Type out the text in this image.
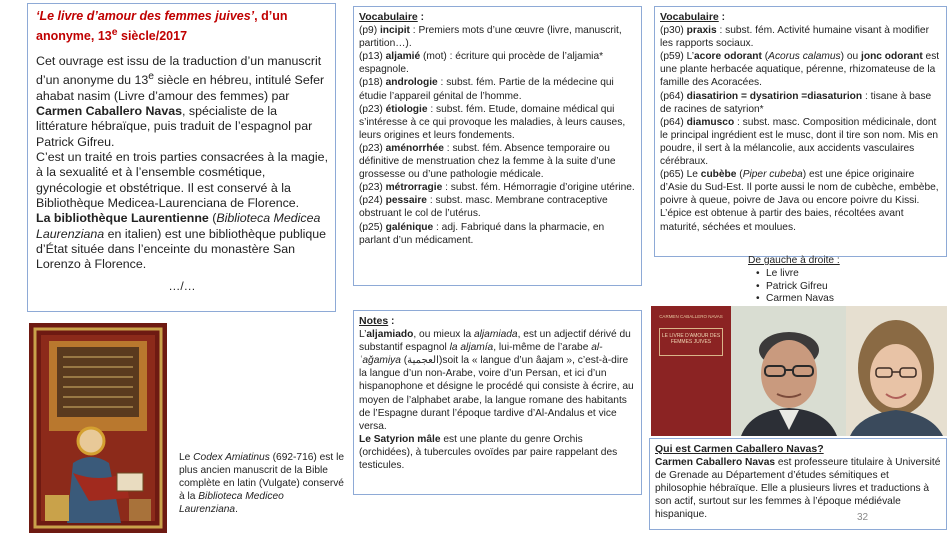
‘Le livre d’amour des femmes juives’, d’un anonyme, 13e siècle/2017

Cet ouvrage est issu de la traduction d’un manuscrit d’un anonyme du 13e siècle en hébreu, intitulé Sefer ahabat nasim (Livre d’amour des femmes) par Carmen Caballero Navas, spécialiste de la littérature hébraïque, puis traduit de l’espagnol par Patrick Gifreu.

C’est un traité en trois parties consacrées à la magie, à la sexualité et à l’ensemble cosmétique, gynécologie et obstétrique. Il est conservé à la Bibliothèque Medicea-Laurenciana de Florence.

La bibliothèque Laurentienne (Biblioteca Medicea Laurenziana en italien) est une bibliothèque publique d’État située dans l’enceinte du monastère San Lorenzo à Florence.

…/…
Vocabulaire :

(p9) incipit : Premiers mots d’une œuvre (livre, manuscrit, partition…).

(p13) aljamié (mot) : écriture qui procède de l’aljamia* espagnole.

(p18) andrologie : subst. fém. Partie de la médecine qui étudie l’appareil génital de l’homme.

(p23) étiologie : subst. fém. Etude, domaine médical qui s’intéresse à ce qui provoque les maladies, à leurs causes, leurs origines et leurs fondements.

(p23) aménorrhée : subst. fém. Absence temporaire ou définitive de menstruation chez la femme à la suite d’une grossesse ou d’une pathologie médicale.

(p23) métrorragie : subst. fém. Hémorragie d’origine utérine.

(p24) pessaire : subst. masc. Membrane contraceptive obstruant le col de l’utérus.

(p25) galénique : adj. Fabriqué dans la pharmacie, en parlant d’un médicament.

Vocabulaire :

(p30) praxis : subst. fém. Activité humaine visant à modifier les rapports sociaux.

(p59) L’acore odorant (Acorus calamus) ou jonc odorant est une plante herbacée aquatique, pérenne, rhizomateuse de la famille des Acoracées.

(p64) diasatirion = dysatirion =diasaturion : tisane à base de racines de satyrion*

(p64) diamusco : subst. masc. Composition médicinale, dont le principal ingrédient est le musc, dont il tire son nom. Mis en poudre, il sert à la mélancolie, aux accidents vasculaires cérébraux.

(p65) Le cubèbe (Piper cubeba) est une épice originaire d’Asie du Sud-Est. Il porte aussi le nom de cubèche, embèbe, poivre à queue, poivre de Java ou encore poivre du Kissi. L’épice est obtenue à partir des baies, récoltées avant maturité, séchées et moulues.

De gauche à droite :
• Le livre
• Patrick Gifreu
• Carmen Navas
Notes :

L’aljamiado, ou mieux la aljamiada, est un adjectif dérivé du substantif espagnol la aljamía, lui-même de l’arabe al-ʿaǧamiya (العجمية)soit la « langue d’un âajam », c’est-à-dire la langue d’un non-Arabe, voire d’un Persan, et ici d’un hispanophone et désigne le procédé qui consiste à écrire, au moyen de l’alphabet arabe, la langue romane des habitants de l’Espagne durant l’époque tardive d’Al-Andalus et vice versa.

Le Satyrion mâle est une plante du genre Orchis (orchidées), à tubercules ovoïdes par paire rappelant des testicules.

Le Codex Amiatinus (692-716) est le plus ancien manuscrit de la Bible complète en latin (Vulgate) conservé à la Biblioteca Mediceo Laurenziana.
CARMEN CABALLERO NAVAS
LE LIVRE D’AMOUR DES FEMMES JUIVES
Qui est Carmen Caballero Navas?

Carmen Caballero Navas est professeure titulaire à Université de Grenade au Département d’études sémitiques et philosophie hébraïque. Elle a plusieurs livres et traductions à son actif, surtout sur les femmes à l’époque médiévale hispanique.	32
